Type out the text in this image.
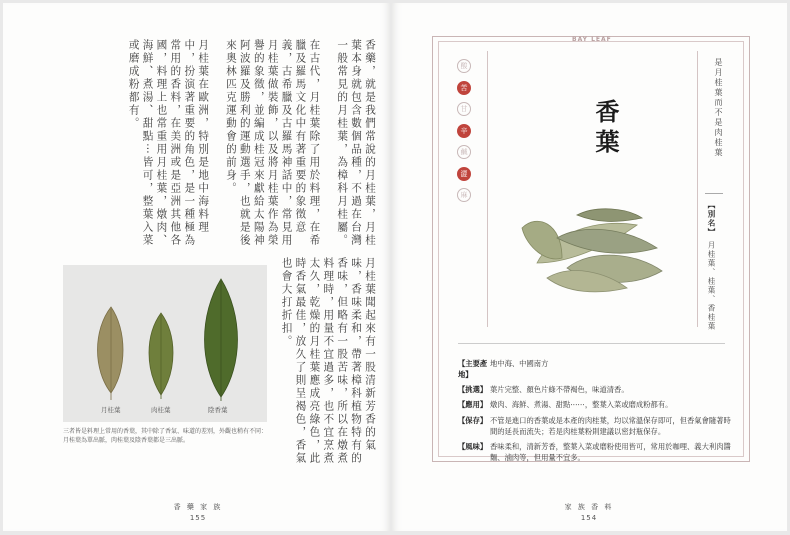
香藥，就是我們常說的月桂葉，月桂葉本身就包含數個品種，不過在台灣一般常見的月桂葉，為樟科月桂屬。

在古代，月桂葉除了用於料理，在希臘及羅馬文化中有著重要的象徵意義，古希臘及古羅馬神話中，常見用月桂葉做裝飾，以及將月桂葉作為榮譽的象徵，並編成桂冠來獻給太陽神阿波羅及勝利的運動選手，也就是後來奧林匹克運動會的前身。

月桂葉在歐洲，特別是地中海料理中，扮演著重要的角色，是一種極為常用的香料，在美洲或是亞洲其他各國，料理上也常重用月桂葉，燉肉、海鮮、煮湯、甜點⋯皆可，整葉入菜或磨成粉都有。

月桂葉聞起來有一股清新芳香的氣味，香味柔和，帶著樟科植物特有的香味，但略有一股苦味，所以在燉煮料理時，用量不宜過多，也不宜烹煮太久，乾燥的月桂葉應成亮綠色，此時香氣最佳，放久了則呈褐色，香氣也會大打折扣。

月桂葉	肉桂葉	陰香葉

三者皆是料理上常用的香葉，其中除了香氣、味道的差別，外觀也稍有不同：月桂葉為單出脈，肉桂葉及陰香葉都是三出脈。

香 藥 家 族
155
BAY LEAF
酸
苦
甘
辛
鹹
澀
麻
香葉	是月桂葉而不是肉桂葉

【別名】 月桂葉、桂葉、香桂葉
【主要產地】
地中海、中國南方
【挑選】 葉片完整、顏色片綠不帶褐色，味道清香。
【應用】 燉肉、海鮮、煮湯、甜點⋯⋯，整葉入菜或磨成粉都有。
【保存】 不管是進口的香葉或是本產的肉桂葉，均以常溫保存即可，但香氣會隨著時間的延長而流失；若是肉桂葉粉則建議以密封瓶保存。
【風味】 香味柔和，清新芳香，整葉入菜或磨粉使用皆可，常用於咖哩、義大利肉醬麵、滷肉等，但用量不宜多。
家 族 香 料
154
